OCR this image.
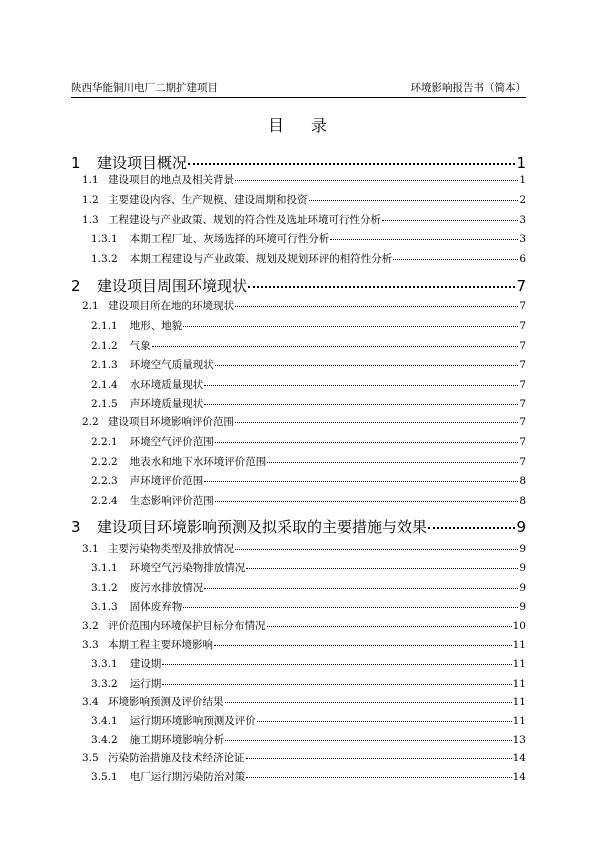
陕西华能铜川电厂二期扩建项目	环境影响报告书（简本）
目 录
1	建设项目概况	1
1.1 建设项目的地点及相关背景	1
1.2 主要建设内容、生产规模、建设周期和投资	2
1.3 工程建设与产业政策、规划的符合性及选址环境可行性分析	3
1.3.1	本期工程厂址、灰场选择的环境可行性分析	3
1.3.2	本期工程建设与产业政策、规划及规划环评的相符性分析	6
2	建设项目周围环境现状	7
2.1 建设项目所在地的环境现状	7
2.1.1	地形、地貌	7
2.1.2	气象	7
2.1.3	环境空气质量现状	7
2.1.4	水环境质量现状	7
2.1.5	声环境质量现状	7
2.2 建设项目环境影响评价范围	7
2.2.1	环境空气评价范围	7
2.2.2	地表水和地下水环境评价范围	7
2.2.3	声环境评价范围	8
2.2.4	生态影响评价范围	8
3	建设项目环境影响预测及拟采取的主要措施与效果	9
3.1 主要污染物类型及排放情况	9
3.1.1	环境空气污染物排放情况	9
3.1.2	废污水排放情况	9
3.1.3	固体废弃物	9
3.2 评价范围内环境保护目标分布情况	10
3.3 本期工程主要环境影响	11
3.3.1	建设期	11
3.3.2	运行期	11
3.4 环境影响预测及评价结果	11
3.4.1	运行期环境影响预测及评价	11
3.4.2	施工期环境影响分析	13
3.5 污染防治措施及技术经济论证	14
3.5.1	电厂运行期污染防治对策	14
